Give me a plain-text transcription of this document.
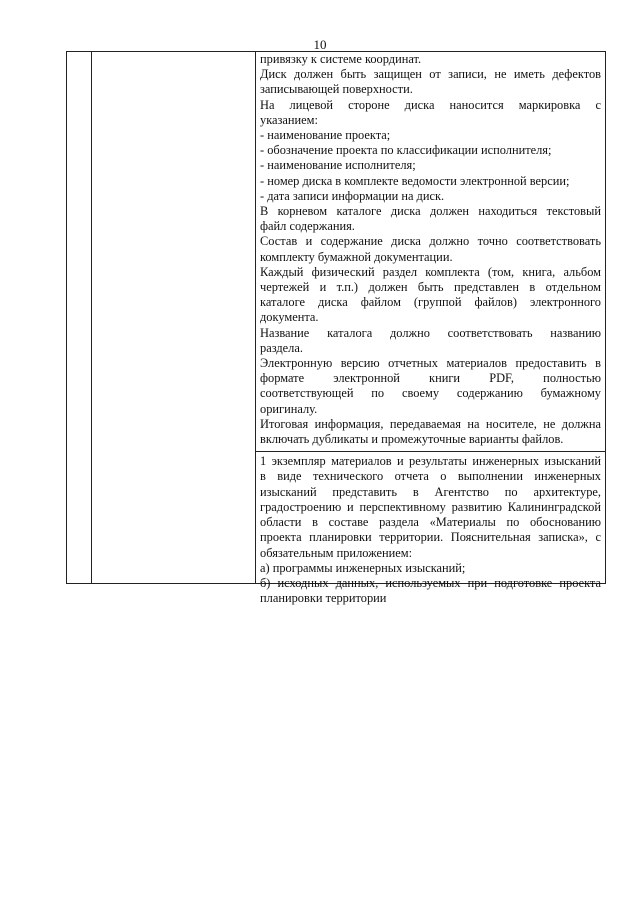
10
привязку к системе координат.
Диск должен быть защищен от записи, не иметь дефектов
записывающей поверхности.
На лицевой стороне диска наносится маркировка с
указанием:
- наименование проекта;
- обозначение проекта по классификации исполнителя;
- наименование исполнителя;
- номер диска в комплекте ведомости электронной версии;
- дата записи информации на диск.
В корневом каталоге диска должен находиться текстовый
файл содержания.
Состав и содержание диска должно точно соответствовать
комплекту бумажной документации.
Каждый физический раздел комплекта (том, книга, альбом
чертежей и т.п.) должен быть представлен в отдельном
каталоге диска файлом (группой файлов) электронного
документа.
Название каталога должно соответствовать названию
раздела.
Электронную версию отчетных материалов предоставить в
формате электронной книги PDF, полностью
соответствующей по своему содержанию бумажному
оригиналу.
Итоговая информация, передаваемая на носителе, не должна
включать дубликаты и промежуточные варианты файлов.
1 экземпляр материалов и результаты инженерных изысканий
в виде технического отчета о выполнении инженерных
изысканий представить в Агентство по архитектуре,
градостроению и перспективному развитию Калининградской
области в составе раздела «Материалы по обоснованию
проекта планировки территории. Пояснительная записка», с
обязательным приложением:
а) программы инженерных изысканий;
б) исходных данных, используемых при подготовке проекта
планировки территории
